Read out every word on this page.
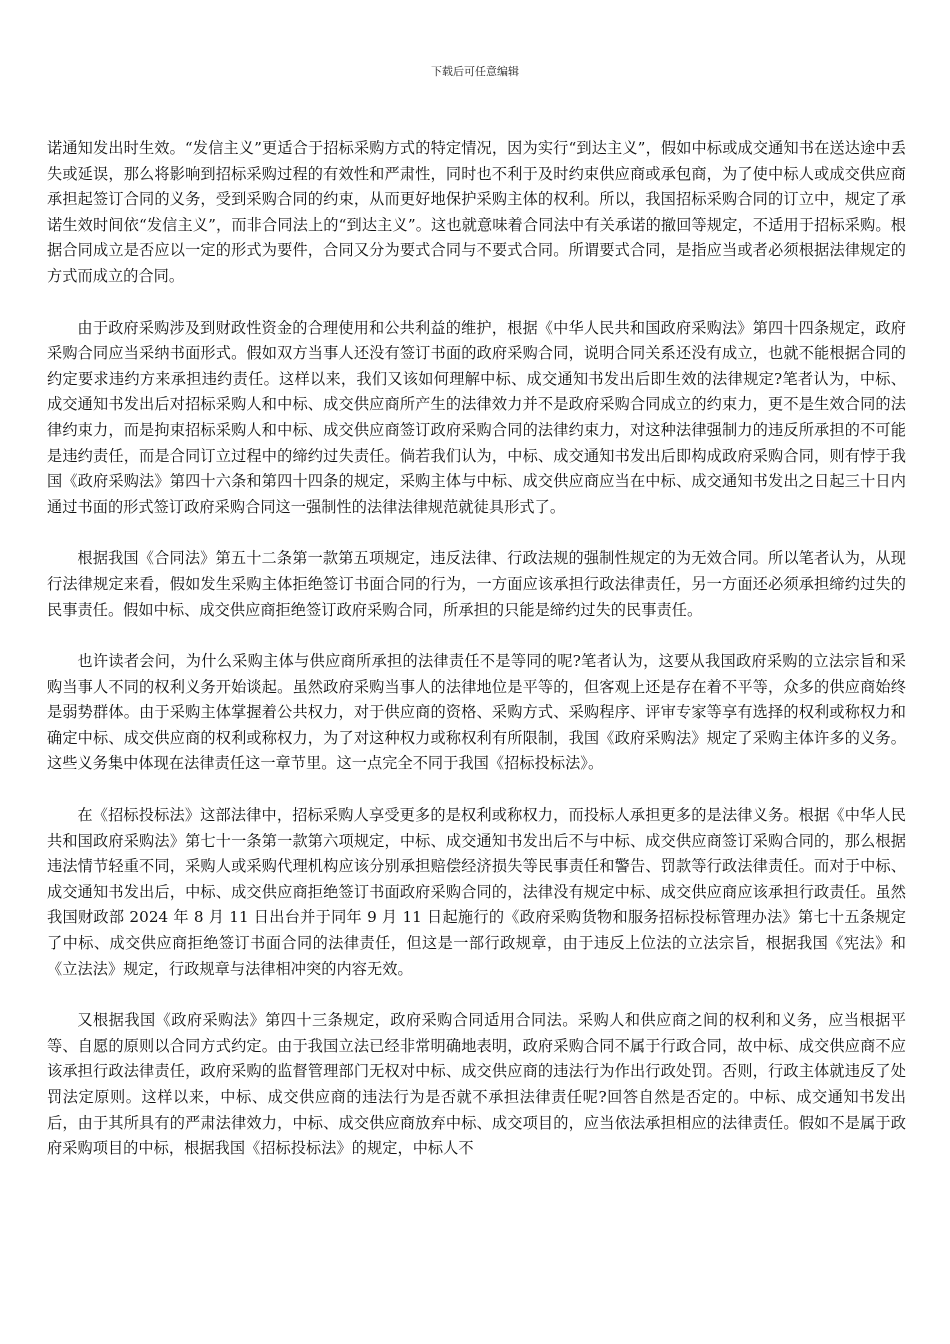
下载后可任意编辑

诺通知发出时生效。“发信主义”更适合于招标采购方式的特定情况，因为实行“到达主义”，假如中标或成交通知书在送达途中丢失或延误，那么将影响到招标采购过程的有效性和严肃性，同时也不利于及时约束供应商或承包商，为了使中标人或成交供应商承担起签订合同的义务，受到采购合同的约束，从而更好地保护采购主体的权利。所以，我国招标采购合同的订立中，规定了承诺生效时间依“发信主义”，而非合同法上的“到达主义”。这也就意味着合同法中有关承诺的撤回等规定，不适用于招标采购。根据合同成立是否应以一定的形式为要件，合同又分为要式合同与不要式合同。所谓要式合同，是指应当或者必须根据法律规定的方式而成立的合同。

由于政府采购涉及到财政性资金的合理使用和公共利益的维护，根据《中华人民共和国政府采购法》第四十四条规定，政府采购合同应当采纳书面形式。假如双方当事人还没有签订书面的政府采购合同，说明合同关系还没有成立，也就不能根据合同的约定要求违约方来承担违约责任。这样以来，我们又该如何理解中标、成交通知书发出后即生效的法律规定?笔者认为，中标、成交通知书发出后对招标采购人和中标、成交供应商所产生的法律效力并不是政府采购合同成立的约束力，更不是生效合同的法律约束力，而是拘束招标采购人和中标、成交供应商签订政府采购合同的法律约束力，对这种法律强制力的违反所承担的不可能是违约责任，而是合同订立过程中的缔约过失责任。倘若我们认为，中标、成交通知书发出后即构成政府采购合同，则有悖于我国《政府采购法》第四十六条和第四十四条的规定，采购主体与中标、成交供应商应当在中标、成交通知书发出之日起三十日内通过书面的形式签订政府采购合同这一强制性的法律法律规范就徒具形式了。

根据我国《合同法》第五十二条第一款第五项规定，违反法律、行政法规的强制性规定的为无效合同。所以笔者认为，从现行法律规定来看，假如发生采购主体拒绝签订书面合同的行为，一方面应该承担行政法律责任，另一方面还必须承担缔约过失的民事责任。假如中标、成交供应商拒绝签订政府采购合同，所承担的只能是缔约过失的民事责任。

也许读者会问，为什么采购主体与供应商所承担的法律责任不是等同的呢?笔者认为，这要从我国政府采购的立法宗旨和采购当事人不同的权利义务开始谈起。虽然政府采购当事人的法律地位是平等的，但客观上还是存在着不平等，众多的供应商始终是弱势群体。由于采购主体掌握着公共权力，对于供应商的资格、采购方式、采购程序、评审专家等享有选择的权利或称权力和确定中标、成交供应商的权利或称权力，为了对这种权力或称权利有所限制，我国《政府采购法》规定了采购主体许多的义务。这些义务集中体现在法律责任这一章节里。这一点完全不同于我国《招标投标法》。

在《招标投标法》这部法律中，招标采购人享受更多的是权利或称权力，而投标人承担更多的是法律义务。根据《中华人民共和国政府采购法》第七十一条第一款第六项规定，中标、成交通知书发出后不与中标、成交供应商签订采购合同的，那么根据违法情节轻重不同，采购人或采购代理机构应该分别承担赔偿经济损失等民事责任和警告、罚款等行政法律责任。而对于中标、成交通知书发出后，中标、成交供应商拒绝签订书面政府采购合同的，法律没有规定中标、成交供应商应该承担行政责任。虽然我国财政部 2024 年 8 月 11 日出台并于同年 9 月 11 日起施行的《政府采购货物和服务招标投标管理办法》第七十五条规定了中标、成交供应商拒绝签订书面合同的法律责任，但这是一部行政规章，由于违反上位法的立法宗旨，根据我国《宪法》和《立法法》规定，行政规章与法律相冲突的内容无效。

又根据我国《政府采购法》第四十三条规定，政府采购合同适用合同法。采购人和供应商之间的权利和义务，应当根据平等、自愿的原则以合同方式约定。由于我国立法已经非常明确地表明，政府采购合同不属于行政合同，故中标、成交供应商不应该承担行政法律责任，政府采购的监督管理部门无权对中标、成交供应商的违法行为作出行政处罚。否则，行政主体就违反了处罚法定原则。这样以来，中标、成交供应商的违法行为是否就不承担法律责任呢?回答自然是否定的。中标、成交通知书发出后，由于其所具有的严肃法律效力，中标、成交供应商放弃中标、成交项目的，应当依法承担相应的法律责任。假如不是属于政府采购项目的中标，根据我国《招标投标法》的规定，中标人不
